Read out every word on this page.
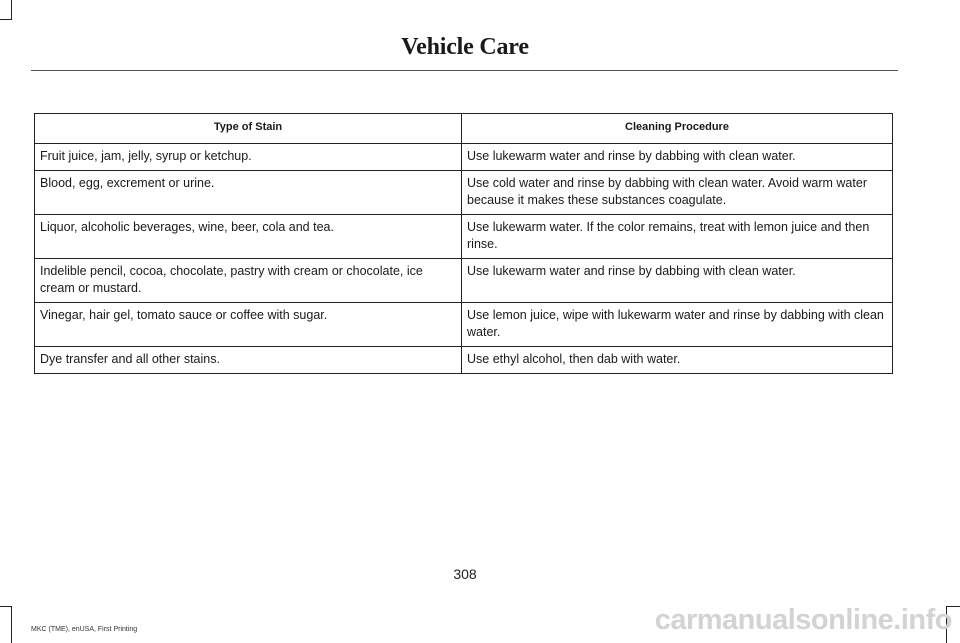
Vehicle Care
Type of Stain	Cleaning Procedure
Fruit juice, jam, jelly, syrup or ketchup.	Use lukewarm water and rinse by dabbing with clean water.
Blood, egg, excrement or urine.	Use cold water and rinse by dabbing with clean water. Avoid warm water because it makes these substances coagulate.
Liquor, alcoholic beverages, wine, beer, cola and tea.	Use lukewarm water. If the color remains, treat with lemon juice and then rinse.
Indelible pencil, cocoa, chocolate, pastry with cream or chocolate, ice cream or mustard.	Use lukewarm water and rinse by dabbing with clean water.
Vinegar, hair gel, tomato sauce or coffee with sugar.	Use lemon juice, wipe with lukewarm water and rinse by dabbing with clean water.
Dye transfer and all other stains.	Use ethyl alcohol, then dab with water.
308
MKC (TME), enUSA, First Printing	carmanualsonline.info
